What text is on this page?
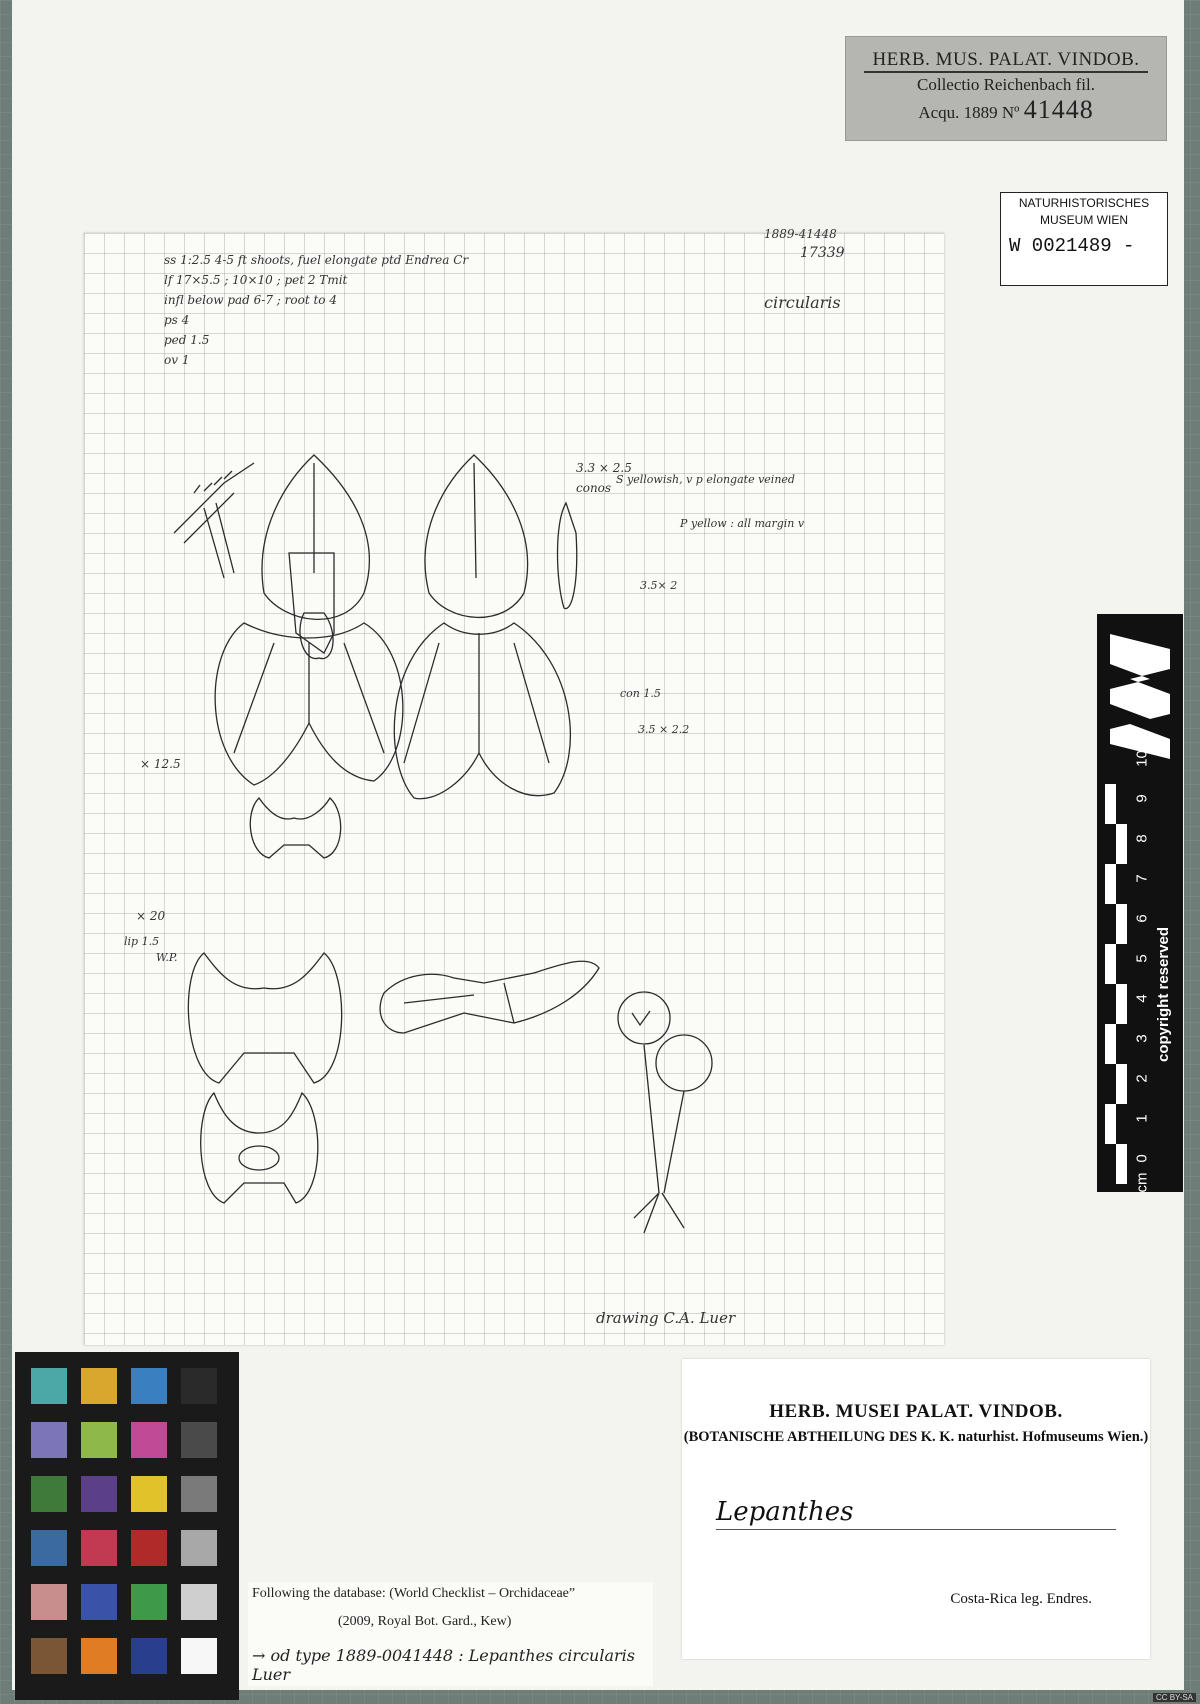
HERB. MUS. PALAT. VINDOB.
Collectio Reichenbach fil.
Acqu. 1889 Nº 41448
NATURHISTORISCHES
MUSEUM WIEN
W 0021489 -
1889-41448
17339
circularis
ss 1:2.5 4-5 ft shoots, fuel elongate ptd Endrea Cr
lf 17×5.5 ; 10×10 ; pet 2 Tmit
infl below pad 6-7 ; root to 4
ps 4
ped 1.5
ov 1
3.3 × 2.5
conos
S yellowish, v p elongate veined
P yellow : all margin v
3.5× 2
con 1.5
3.5 × 2.2
× 12.5
× 20
lip 1.5
W.P.
drawing C.A. Luer
copyright reserved
cm
0
1
2
3
4
5
6
7
8
9
10
Following the database: (World Checklist – Orchidaceae”
(2009, Royal Bot. Gard., Kew)
→ od type 1889-0041448 : Lepanthes circularis Luer
HERB. MUSEI PALAT. VINDOB.
(BOTANISCHE ABTHEILUNG DES K. K. naturhist. Hofmuseums Wien.)
Lepanthes
Costa-Rica leg. Endres.
CC BY-SA
